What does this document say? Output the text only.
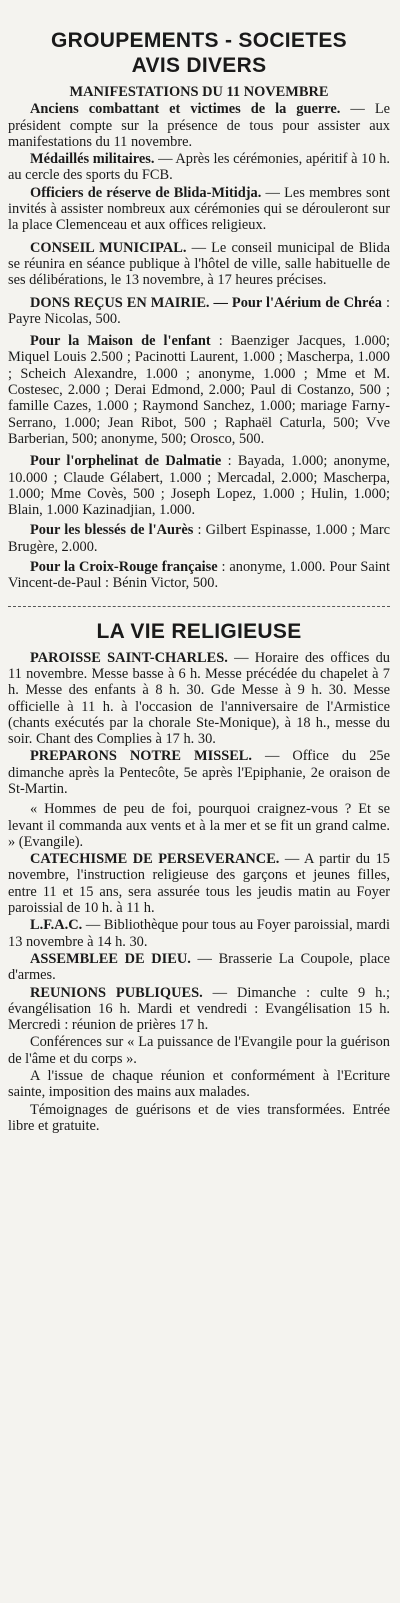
GROUPEMENTS - SOCIETES
AVIS DIVERS

MANIFESTATIONS DU 11 NOVEMBRE

Anciens combattant et victimes de la guerre. — Le président compte sur la présence de tous pour assister aux manifestations du 11 novembre.

Médaillés militaires. — Après les cérémonies, apéritif à 10 h. au cercle des sports du FCB.

Officiers de réserve de Blida-Mitidja. — Les membres sont invités à assister nombreux aux cérémonies qui se dérouleront sur la place Clemenceau et aux offices religieux.

CONSEIL MUNICIPAL. — Le conseil municipal de Blida se réunira en séance publique à l'hôtel de ville, salle habituelle de ses délibérations, le 13 novembre, à 17 heures précises.

DONS REÇUS EN MAIRIE. — Pour l'Aérium de Chréa : Payre Nicolas, 500.

Pour la Maison de l'enfant : Baenziger Jacques, 1.000; Miquel Louis 2.500 ; Pacinotti Laurent, 1.000 ; Mascherpa, 1.000 ; Scheich Alexandre, 1.000 ; anonyme, 1.000 ; Mme et M. Costesec, 2.000 ; Derai Edmond, 2.000; Paul di Costanzo, 500 ; famille Cazes, 1.000 ; Raymond Sanchez, 1.000; mariage Farny-Serrano, 1.000; Jean Ribot, 500 ; Raphaël Caturla, 500; Vve Barberian, 500; anonyme, 500; Orosco, 500.

Pour l'orphelinat de Dalmatie : Bayada, 1.000; anonyme, 10.000 ; Claude Gélabert, 1.000 ; Mercadal, 2.000; Mascherpa, 1.000; Mme Covès, 500 ; Joseph Lopez, 1.000 ; Hulin, 1.000; Blain, 1.000 Kazinadjian, 1.000.

Pour les blessés de l'Aurès : Gilbert Espinasse, 1.000 ; Marc Brugère, 2.000.

Pour la Croix-Rouge française : anonyme, 1.000. Pour Saint Vincent-de-Paul : Bénin Victor, 500.

LA VIE RELIGIEUSE

PAROISSE SAINT-CHARLES. — Horaire des offices du 11 novembre. Messe basse à 6 h. Messe précédée du chapelet à 7 h. Messe des enfants à 8 h. 30. Gde Messe à 9 h. 30. Messe officielle à 11 h. à l'occasion de l'anniversaire de l'Armistice (chants exécutés par la chorale Ste-Monique), à 18 h., messe du soir. Chant des Complies à 17 h. 30.

PREPARONS NOTRE MISSEL. — Office du 25e dimanche après la Pentecôte, 5e après l'Epiphanie, 2e oraison de St-Martin.

« Hommes de peu de foi, pourquoi craignez-vous ? Et se levant il commanda aux vents et à la mer et se fit un grand calme. » (Evangile).

CATECHISME DE PERSEVERANCE. — A partir du 15 novembre, l'instruction religieuse des garçons et jeunes filles, entre 11 et 15 ans, sera assurée tous les jeudis matin au Foyer paroissial de 10 h. à 11 h.

L.F.A.C. — Bibliothèque pour tous au Foyer paroissial, mardi 13 novembre à 14 h. 30.

ASSEMBLEE DE DIEU. — Brasserie La Coupole, place d'armes.

REUNIONS PUBLIQUES. — Dimanche : culte 9 h.; évangélisation 16 h. Mardi et vendredi : Evangélisation 15 h. Mercredi : réunion de prières 17 h.

Conférences sur « La puissance de l'Evangile pour la guérison de l'âme et du corps ».

A l'issue de chaque réunion et conformément à l'Ecriture sainte, imposition des mains aux malades.

Témoignages de guérisons et de vies transformées. Entrée libre et gratuite.
